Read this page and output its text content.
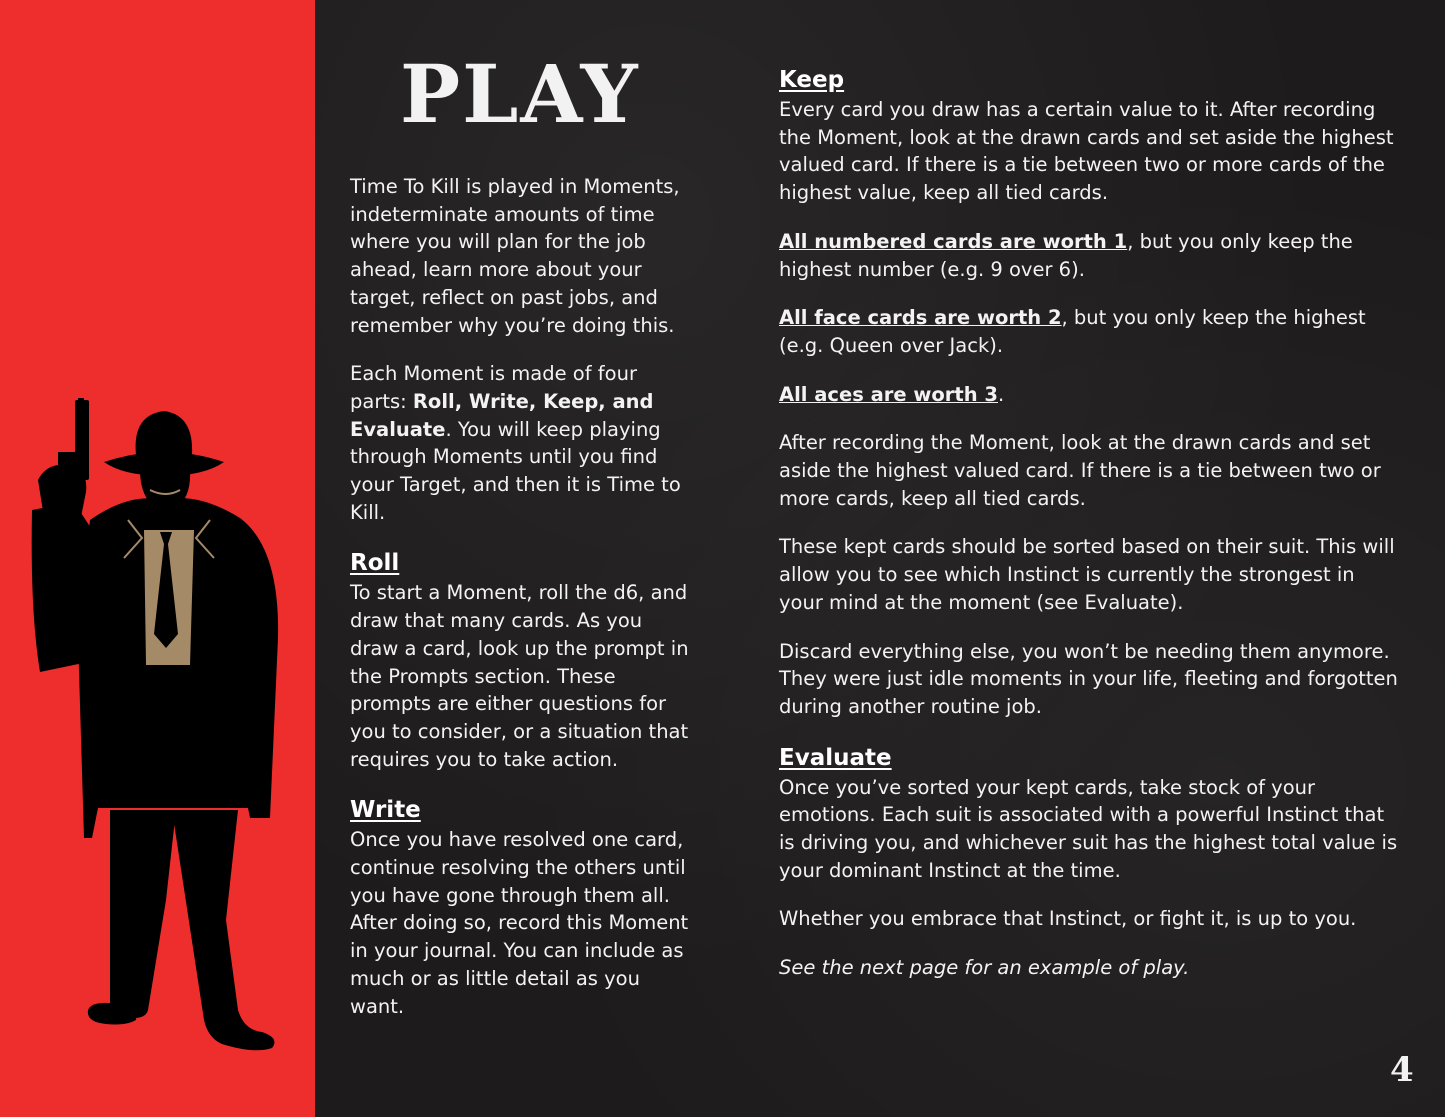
PLAY

Time To Kill is played in Moments, indeterminate amounts of time where you will plan for the job ahead, learn more about your target, reflect on past jobs, and remember why you’re doing this.

Each Moment is made of four parts: Roll, Write, Keep, and Evaluate. You will keep playing through Moments until you find your Target, and then it is Time to Kill.

Roll

To start a Moment, roll the d6, and draw that many cards. As you draw a card, look up the prompt in the Prompts section. These prompts are either questions for you to consider, or a situation that requires you to take action.

Write

Once you have resolved one card, continue resolving the others until you have gone through them all. After doing so, record this Moment in your journal. You can include as much or as little detail as you want.

Keep

Every card you draw has a certain value to it. After recording the Moment, look at the drawn cards and set aside the highest valued card. If there is a tie between two or more cards of the highest value, keep all tied cards.

All numbered cards are worth 1, but you only keep the highest number (e.g. 9 over 6).

All face cards are worth 2, but you only keep the highest (e.g. Queen over Jack).

All aces are worth 3.

After recording the Moment, look at the drawn cards and set aside the highest valued card. If there is a tie between two or more cards, keep all tied cards.

These kept cards should be sorted based on their suit. This will allow you to see which Instinct is currently the strongest in your mind at the moment (see Evaluate).

Discard everything else, you won’t be needing them anymore. They were just idle moments in your life, fleeting and forgotten during another routine job.

Evaluate

Once you’ve sorted your kept cards, take stock of your emotions. Each suit is associated with a powerful Instinct that is driving you, and whichever suit has the highest total value is your dominant Instinct at the time.

Whether you embrace that Instinct, or fight it, is up to you.

See the next page for an example of play.

4
